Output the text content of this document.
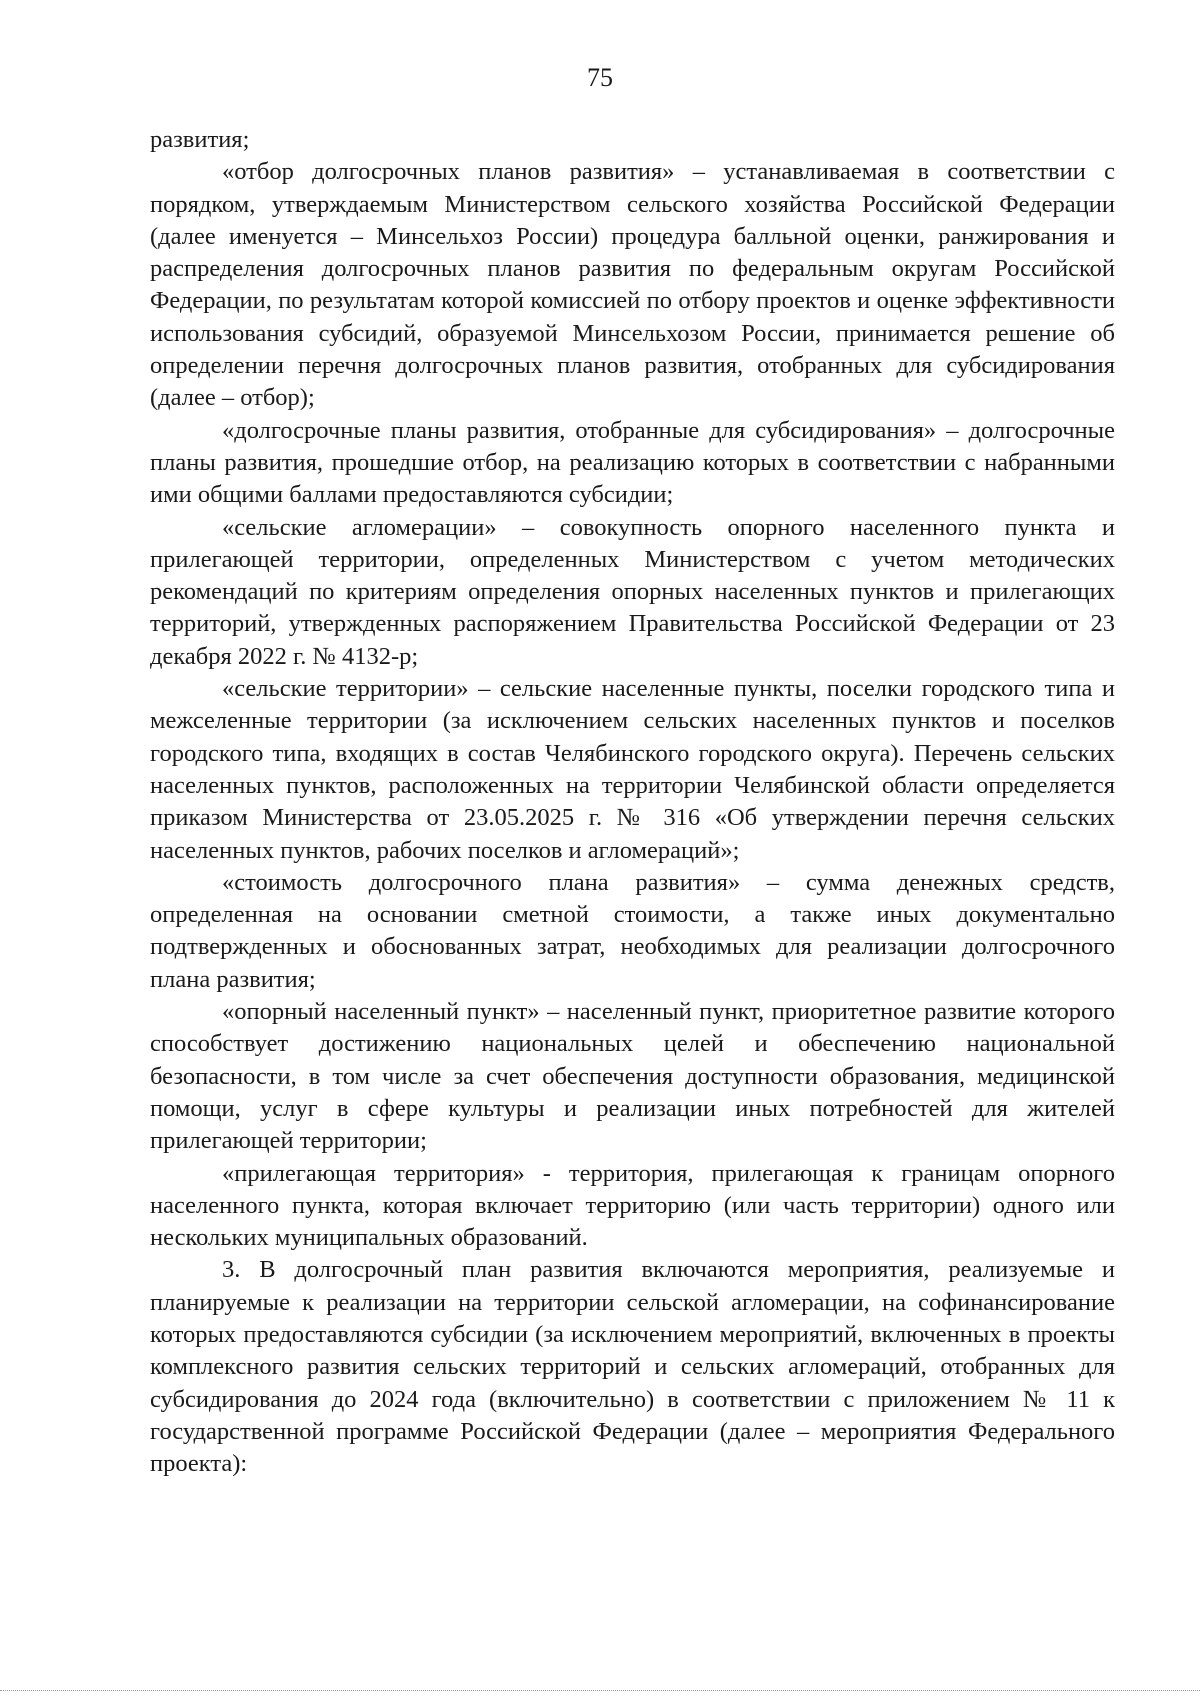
75

развития;

«отбор долгосрочных планов развития» – устанавливаемая в соответствии с порядком, утверждаемым Министерством сельского хозяйства Российской Федерации (далее именуется – Минсельхоз России) процедура балльной оценки, ранжирования и распределения долгосрочных планов развития по федеральным округам Российской Федерации, по результатам которой комиссией по отбору проектов и оценке эффективности использования субсидий, образуемой Минсельхозом России, принимается решение об определении перечня долгосрочных планов развития, отобранных для субсидирования (далее – отбор);

«долгосрочные планы развития, отобранные для субсидирования» – долгосрочные планы развития, прошедшие отбор, на реализацию которых в соответствии с набранными ими общими баллами предоставляются субсидии;

«сельские агломерации» – совокупность опорного населенного пункта и прилегающей территории, определенных Министерством с учетом методических рекомендаций по критериям определения опорных населенных пунктов и прилегающих территорий, утвержденных распоряжением Правительства Российской Федерации от 23 декабря 2022 г. № 4132-р;

«сельские территории» – сельские населенные пункты, поселки городского типа и межселенные территории (за исключением сельских населенных пунктов и поселков городского типа, входящих в состав Челябинского городского округа). Перечень сельских населенных пунктов, расположенных на территории Челябинской области определяется приказом Министерства от 23.05.2025 г. № 316 «Об утверждении перечня сельских населенных пунктов, рабочих поселков и агломераций»;

«стоимость долгосрочного плана развития» – сумма денежных средств, определенная на основании сметной стоимости, а также иных документально подтвержденных и обоснованных затрат, необходимых для реализации долгосрочного плана развития;

«опорный населенный пункт» – населенный пункт, приоритетное развитие которого способствует достижению национальных целей и обеспечению национальной безопасности, в том числе за счет обеспечения доступности образования, медицинской помощи, услуг в сфере культуры и реализации иных потребностей для жителей прилегающей территории;

«прилегающая территория» - территория, прилегающая к границам опорного населенного пункта, которая включает территорию (или часть территории) одного или нескольких муниципальных образований.

3. В долгосрочный план развития включаются мероприятия, реализуемые и планируемые к реализации на территории сельской агломерации, на софинансирование которых предоставляются субсидии (за исключением мероприятий, включенных в проекты комплексного развития сельских территорий и сельских агломераций, отобранных для субсидирования до 2024 года (включительно) в соответствии с приложением № 11 к государственной программе Российской Федерации (далее – мероприятия Федерального проекта):
